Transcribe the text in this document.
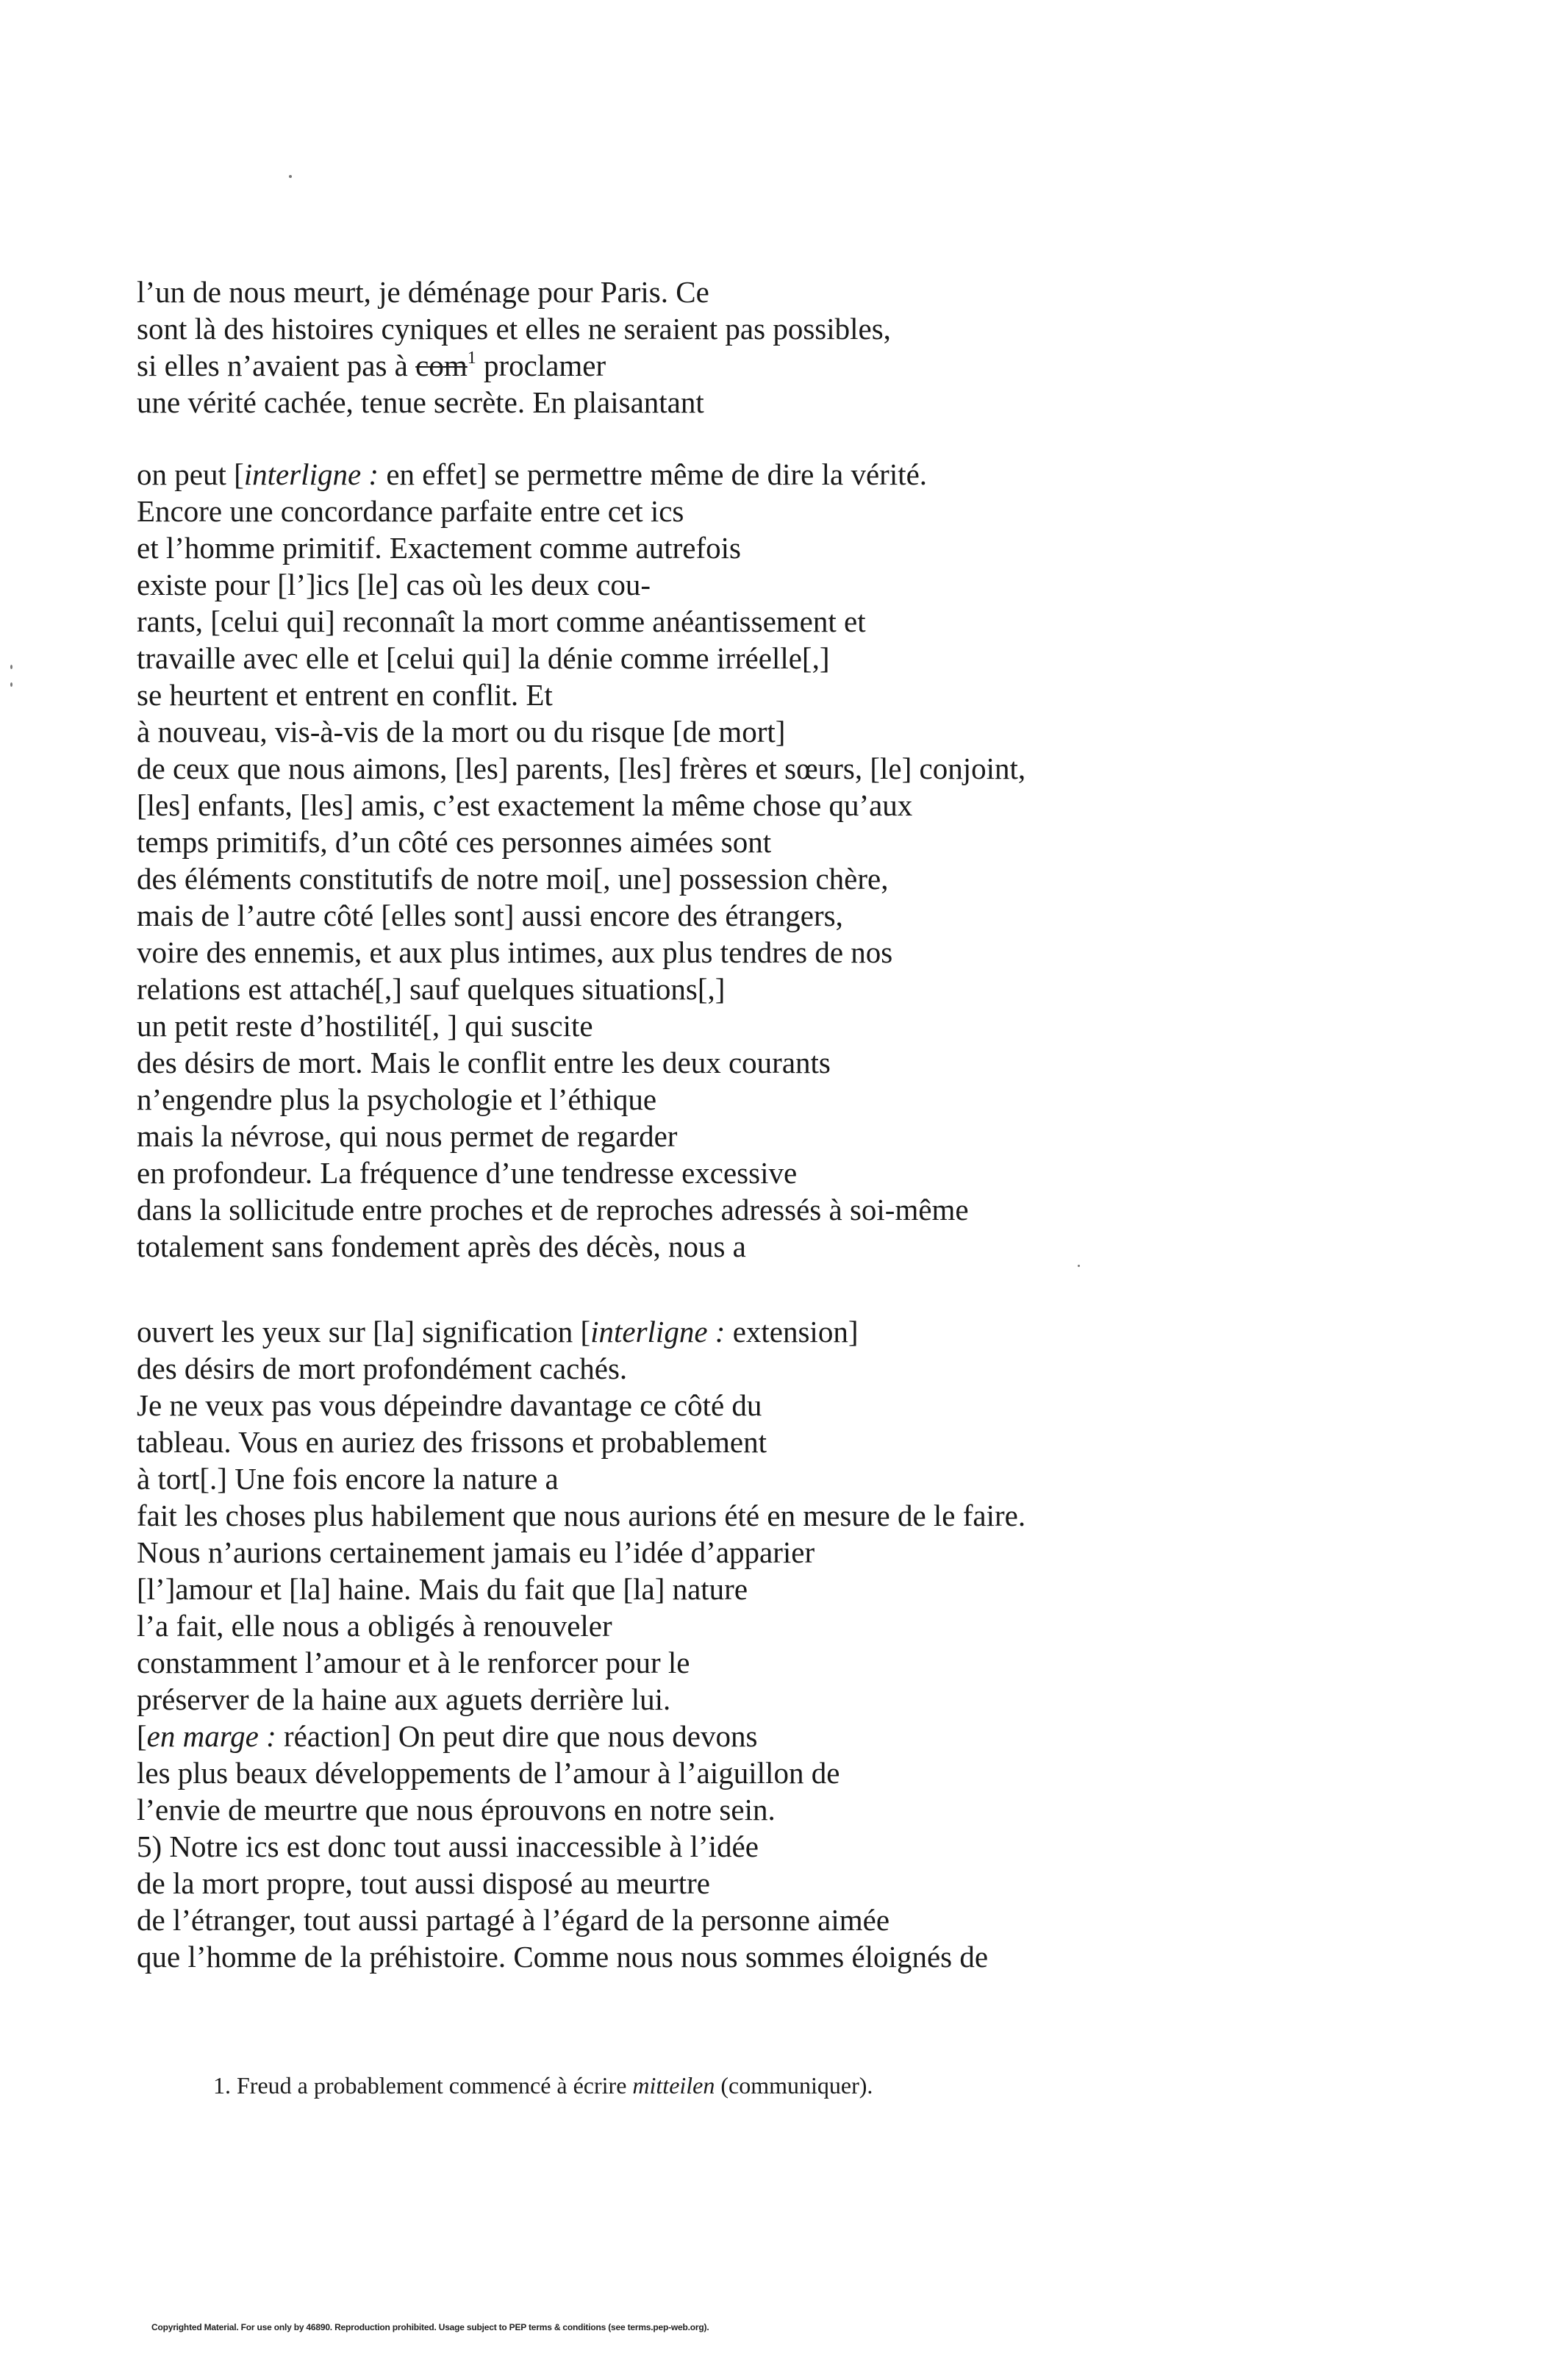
l’un de nous meurt, je déménage pour Paris. Ce
sont là des histoires cyniques et elles ne seraient pas possibles,
si elles n’avaient pas à com$^1$ proclamer
une vérité cachée, tenue secrète. En plaisantant
on peut [interligne : en effet] se permettre même de dire la vérité.
Encore une concordance parfaite entre cet ics
et l’homme primitif. Exactement comme autrefois
existe pour [l’]ics [le] cas où les deux cou-
rants, [celui qui] reconnaît la mort comme anéantissement et
travaille avec elle et [celui qui] la dénie comme irréelle[,]
se heurtent et entrent en conflit. Et
à nouveau, vis-à-vis de la mort ou du risque [de mort]
de ceux que nous aimons, [les] parents, [les] frères et sœurs, [le] conjoint,
[les] enfants, [les] amis, c’est exactement la même chose qu’aux
temps primitifs, d’un côté ces personnes aimées sont
des éléments constitutifs de notre moi[, une] possession chère,
mais de l’autre côté [elles sont] aussi encore des étrangers,
voire des ennemis, et aux plus intimes, aux plus tendres de nos
relations est attaché[,] sauf quelques situations[,]
un petit reste d’hostilité[, ] qui suscite
des désirs de mort. Mais le conflit entre les deux courants
n’engendre plus la psychologie et l’éthique
mais la névrose, qui nous permet de regarder
en profondeur. La fréquence d’une tendresse excessive
dans la sollicitude entre proches et de reproches adressés à soi-même
totalement sans fondement après des décès, nous a
ouvert les yeux sur [la] signification [interligne : extension]
des désirs de mort profondément cachés.
Je ne veux pas vous dépeindre davantage ce côté du
tableau. Vous en auriez des frissons et probablement
à tort[.] Une fois encore la nature a
fait les choses plus habilement que nous aurions été en mesure de le faire.
Nous n’aurions certainement jamais eu l’idée d’apparier
[l’]amour et [la] haine. Mais du fait que [la] nature
l’a fait, elle nous a obligés à renouveler
constamment l’amour et à le renforcer pour le
préserver de la haine aux aguets derrière lui.
[en marge : réaction] On peut dire que nous devons
les plus beaux développements de l’amour à l’aiguillon de
l’envie de meurtre que nous éprouvons en notre sein.
5) Notre ics est donc tout aussi inaccessible à l’idée
de la mort propre, tout aussi disposé au meurtre
de l’étranger, tout aussi partagé à l’égard de la personne aimée
que l’homme de la préhistoire. Comme nous nous sommes éloignés de
1. Freud a probablement commencé à écrire mitteilen (communiquer).
Copyrighted Material. For use only by 46890. Reproduction prohibited. Usage subject to PEP terms & conditions (see terms.pep-web.org).
